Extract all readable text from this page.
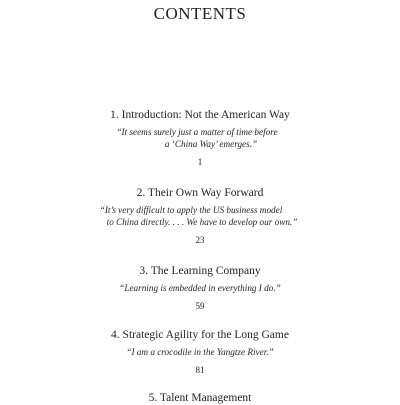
CONTENTS
1. Introduction: Not the American Way
“It seems surely just a matter of time before
a ‘China Way’ emerges.”
1
2. Their Own Way Forward
“It’s very difficult to apply the US business model
to China directly. . . . We have to develop our own.”
23
3. The Learning Company
“Learning is embedded in everything I do.”
59
4. Strategic Agility for the Long Game
“I am a crocodile in the Yangtze River.”
81
5. Talent Management
